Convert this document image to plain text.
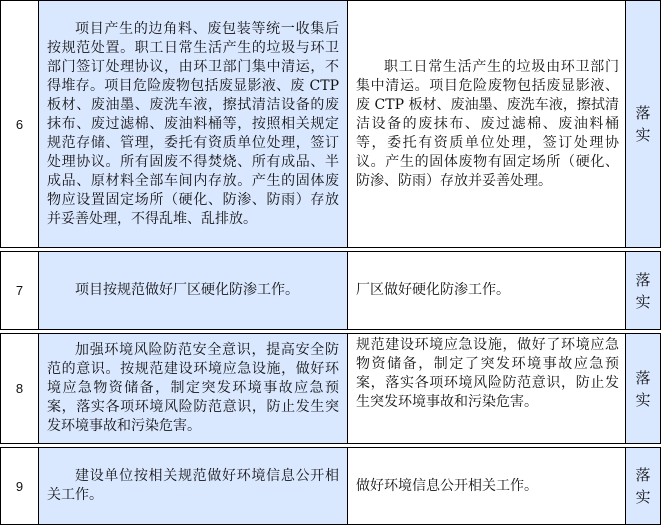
6	项目产生的边角料、废包装等统一收集后按规范处置。职工日常生活产生的垃圾与环卫部门签订处理协议，由环卫部门集中清运，不得堆存。项目危险废物包括废显影液、废 CTP 板材、废油墨、废洗车液，擦拭清洁设备的废抹布、废过滤棉、废油料桶等，按照相关规定规范存储、管理，委托有资质单位处理，签订处理协议。所有固废不得焚烧、所有成品、半成品、原材料全部车间内存放。产生的固体废物应设置固定场所（硬化、防渗、防雨）存放并妥善处理，不得乱堆、乱排放。	职工日常生活产生的垃圾由环卫部门集中清运。项目危险废物包括废显影液、废 CTP 板材、废油墨、废洗车液，擦拭清洁设备的废抹布、废过滤棉、废油料桶等，委托有资质单位处理，签订处理协议。产生的固体废物有固定场所（硬化、防渗、防雨）存放并妥善处理。	落
实

7	项目按规范做好厂区硬化防渗工作。	厂区做好硬化防渗工作。	落
实

8	加强环境风险防范安全意识，提高安全防范的意识。按规范建设环境应急设施，做好环境应急物资储备，制定突发环境事故应急预案，落实各项环境风险防范意识，防止发生突发环境事故和污染危害。	规范建设环境应急设施，做好了环境应急物资储备，制定了突发环境事故应急预案，落实各项环境风险防范意识，防止发生突发环境事故和污染危害。	落
实

9	建设单位按相关规范做好环境信息公开相关工作。	做好环境信息公开相关工作。	落
实
